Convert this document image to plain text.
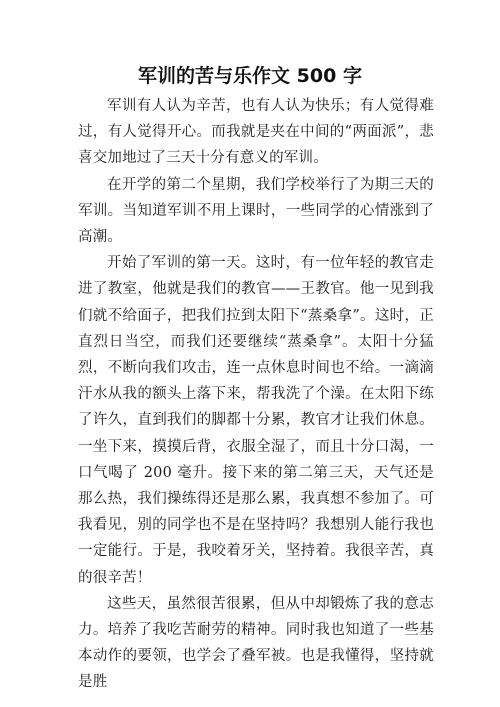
军训的苦与乐作文 500 字

军训有人认为辛苦，也有人认为快乐；有人觉得难过，有人觉得开心。而我就是夹在中间的“两面派”，悲喜交加地过了三天十分有意义的军训。

在开学的第二个星期，我们学校举行了为期三天的军训。当知道军训不用上课时，一些同学的心情涨到了高潮。

开始了军训的第一天。这时，有一位年轻的教官走进了教室，他就是我们的教官——王教官。他一见到我们就不给面子，把我们拉到太阳下“蒸桑拿”。这时，正直烈日当空，而我们还要继续“蒸桑拿”。太阳十分猛烈，不断向我们攻击，连一点休息时间也不给。一滴滴汗水从我的额头上落下来，帮我洗了个澡。在太阳下练了许久，直到我们的脚都十分累，教官才让我们休息。一坐下来，摸摸后背，衣服全湿了，而且十分口渴，一口气喝了 200 毫升。接下来的第二第三天，天气还是那么热，我们操练得还是那么累，我真想不参加了。可我看见，别的同学也不是在坚持吗？我想别人能行我也一定能行。于是，我咬着牙关，坚持着。我很辛苦，真的很辛苦！

这些天，虽然很苦很累，但从中却锻炼了我的意志力。培养了我吃苦耐劳的精神。同时我也知道了一些基本动作的要领，也学会了叠军被。也是我懂得，坚持就是胜
